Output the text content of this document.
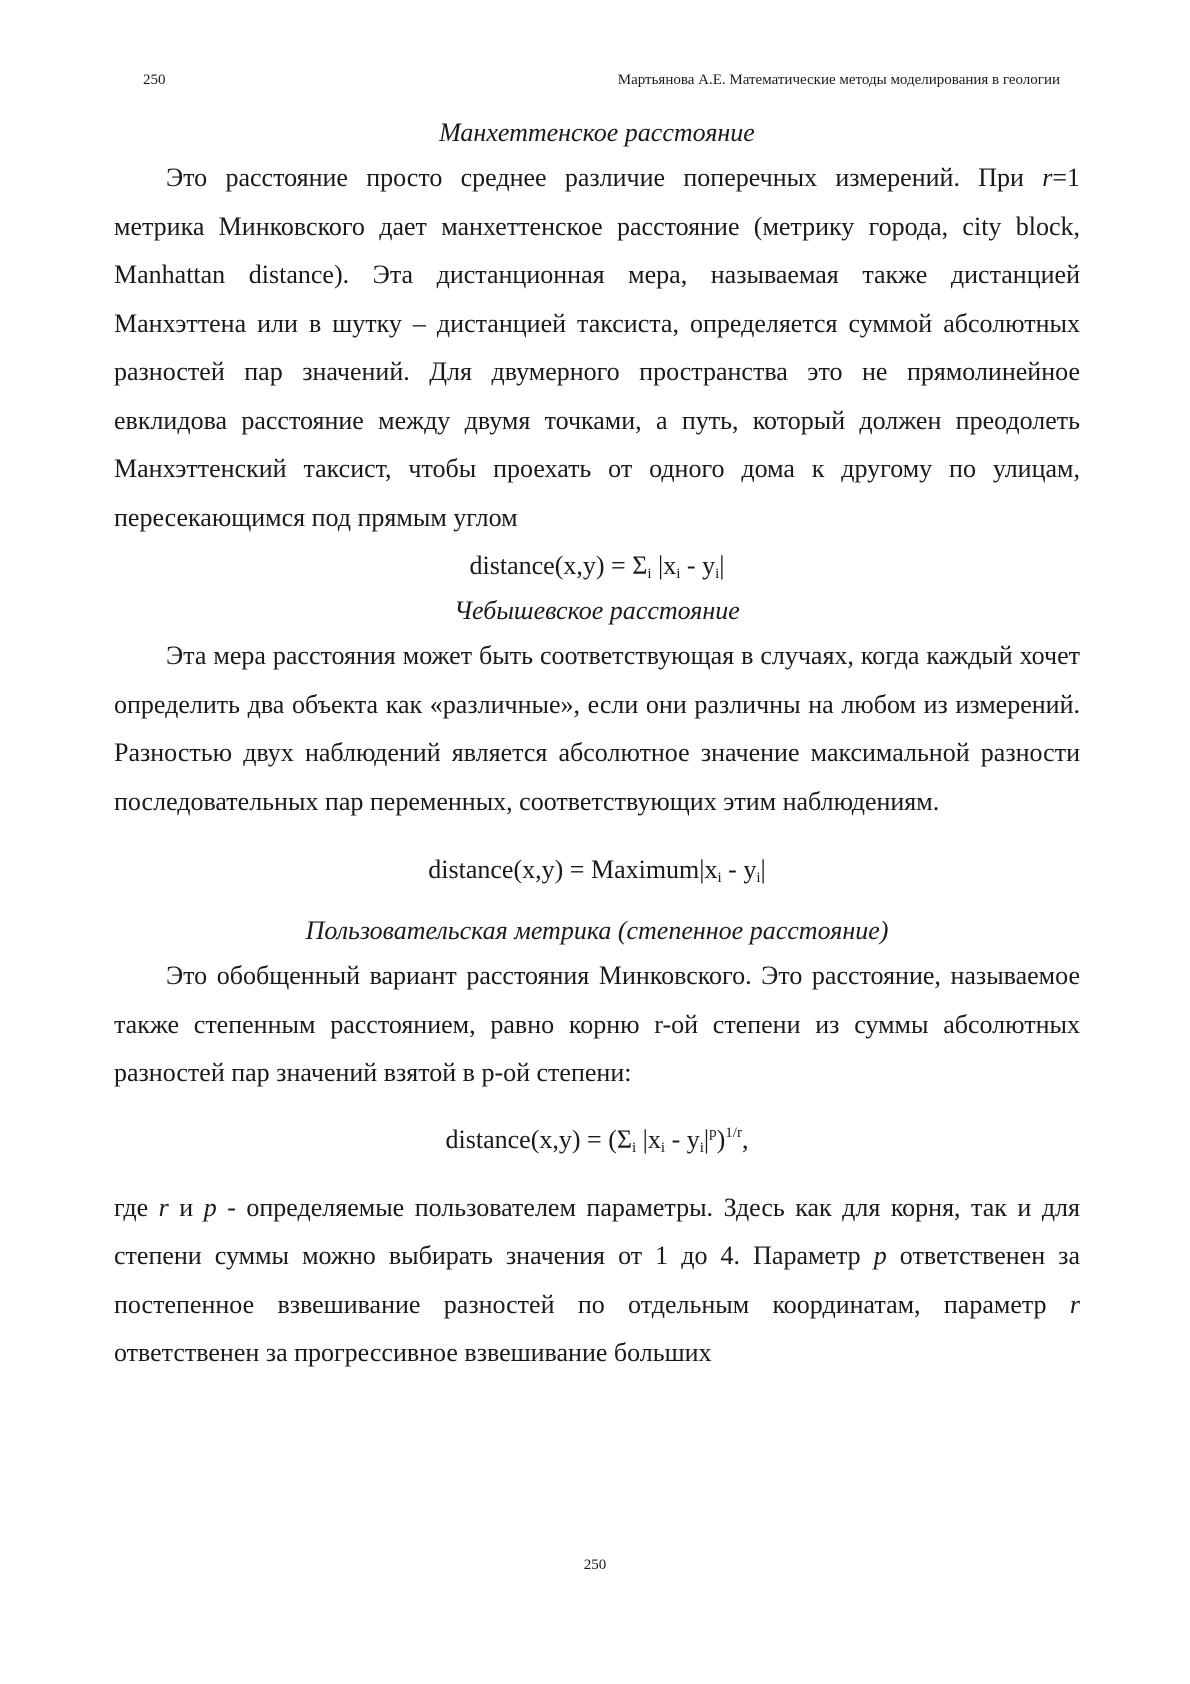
250	Мартьянова А.Е. Математические методы моделирования в геологии

Манхеттенское расстояние

Это расстояние просто среднее различие поперечных измерений. При r=1 метрика Минковского дает манхеттенское расстояние (метрику города, city block, Manhattan distance). Эта дистанционная мера, называемая также дистанцией Манхэттена или в шутку – дистанцией таксиста, определяется суммой абсолютных разностей пар значений. Для двумерного пространства это не прямолинейное евклидова расстояние между двумя точками, а путь, который должен преодолеть Манхэттенский таксист, чтобы проехать от одного дома к другому по улицам, пересекающимся под прямым углом

distance(x,y) = $\Sigma_i$ $|x_i - y_i|$

Чебышевское расстояние

Эта мера расстояния может быть соответствующая в случаях, когда каждый хочет определить два объекта как «различные», если они различны на любом из измерений. Разностью двух наблюдений является абсолютное значение максимальной разности последовательных пар переменных, соответствующих этим наблюдениям.

distance(x,y) = $Maximum|x_i - y_i|$

Пользовательская метрика (степенное расстояние)

Это обобщенный вариант расстояния Минковского. Это расстояние, называемое также степенным расстоянием, равно корню r-ой степени из суммы абсолютных разностей пар значений взятой в p-ой степени:

distance(x,y) = ($\Sigma_i$ $|x_i - y_i|^p)^{1/r}$,

где r и p - определяемые пользователем параметры. Здесь как для корня, так и для степени суммы можно выбирать значения от 1 до 4. Параметр p ответственен за постепенное взвешивание разностей по отдельным координатам, параметр r ответственен за прогрессивное взвешивание больших

250
